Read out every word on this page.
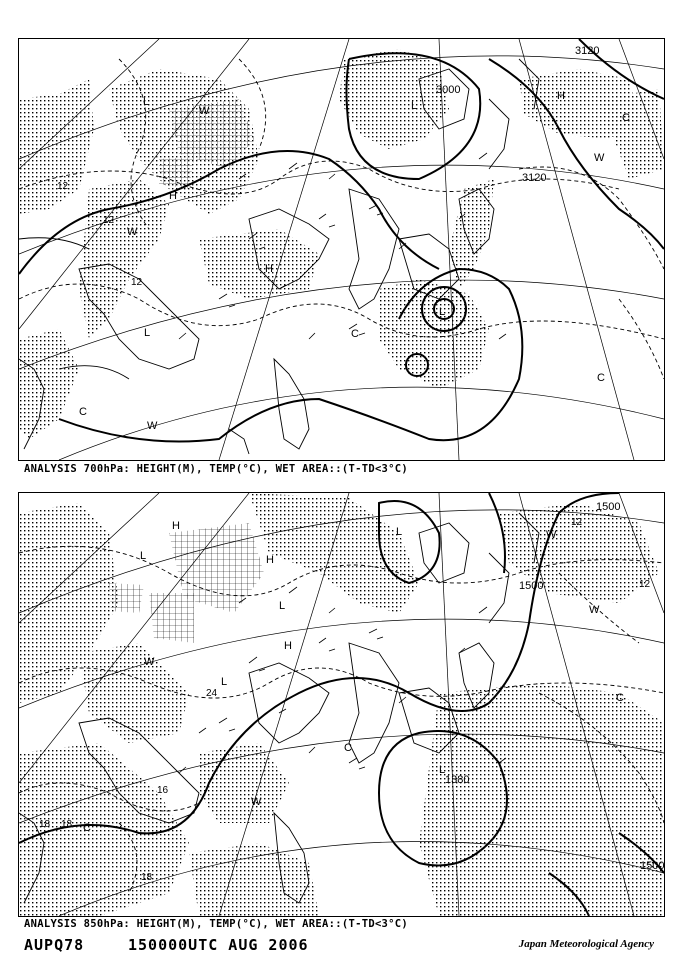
3000
3120
3120
L	L
H
H
L
L
H
C
W
W
W
C
C
W
C
12
12
12
ANALYSIS 700hPa: HEIGHT(M), TEMP(°C), WET AREA::(T-TD<3°C)
1500
1500
1500
1380
L
H	L
H
L
H
W
L
C
W
C
W
C
L
W
12
12
24
18 18
18
16
ANALYSIS 850hPa: HEIGHT(M), TEMP(°C), WET AREA::(T-TD<3°C)
AUPQ78	150000UTC AUG 2006	Japan Meteorological Agency
